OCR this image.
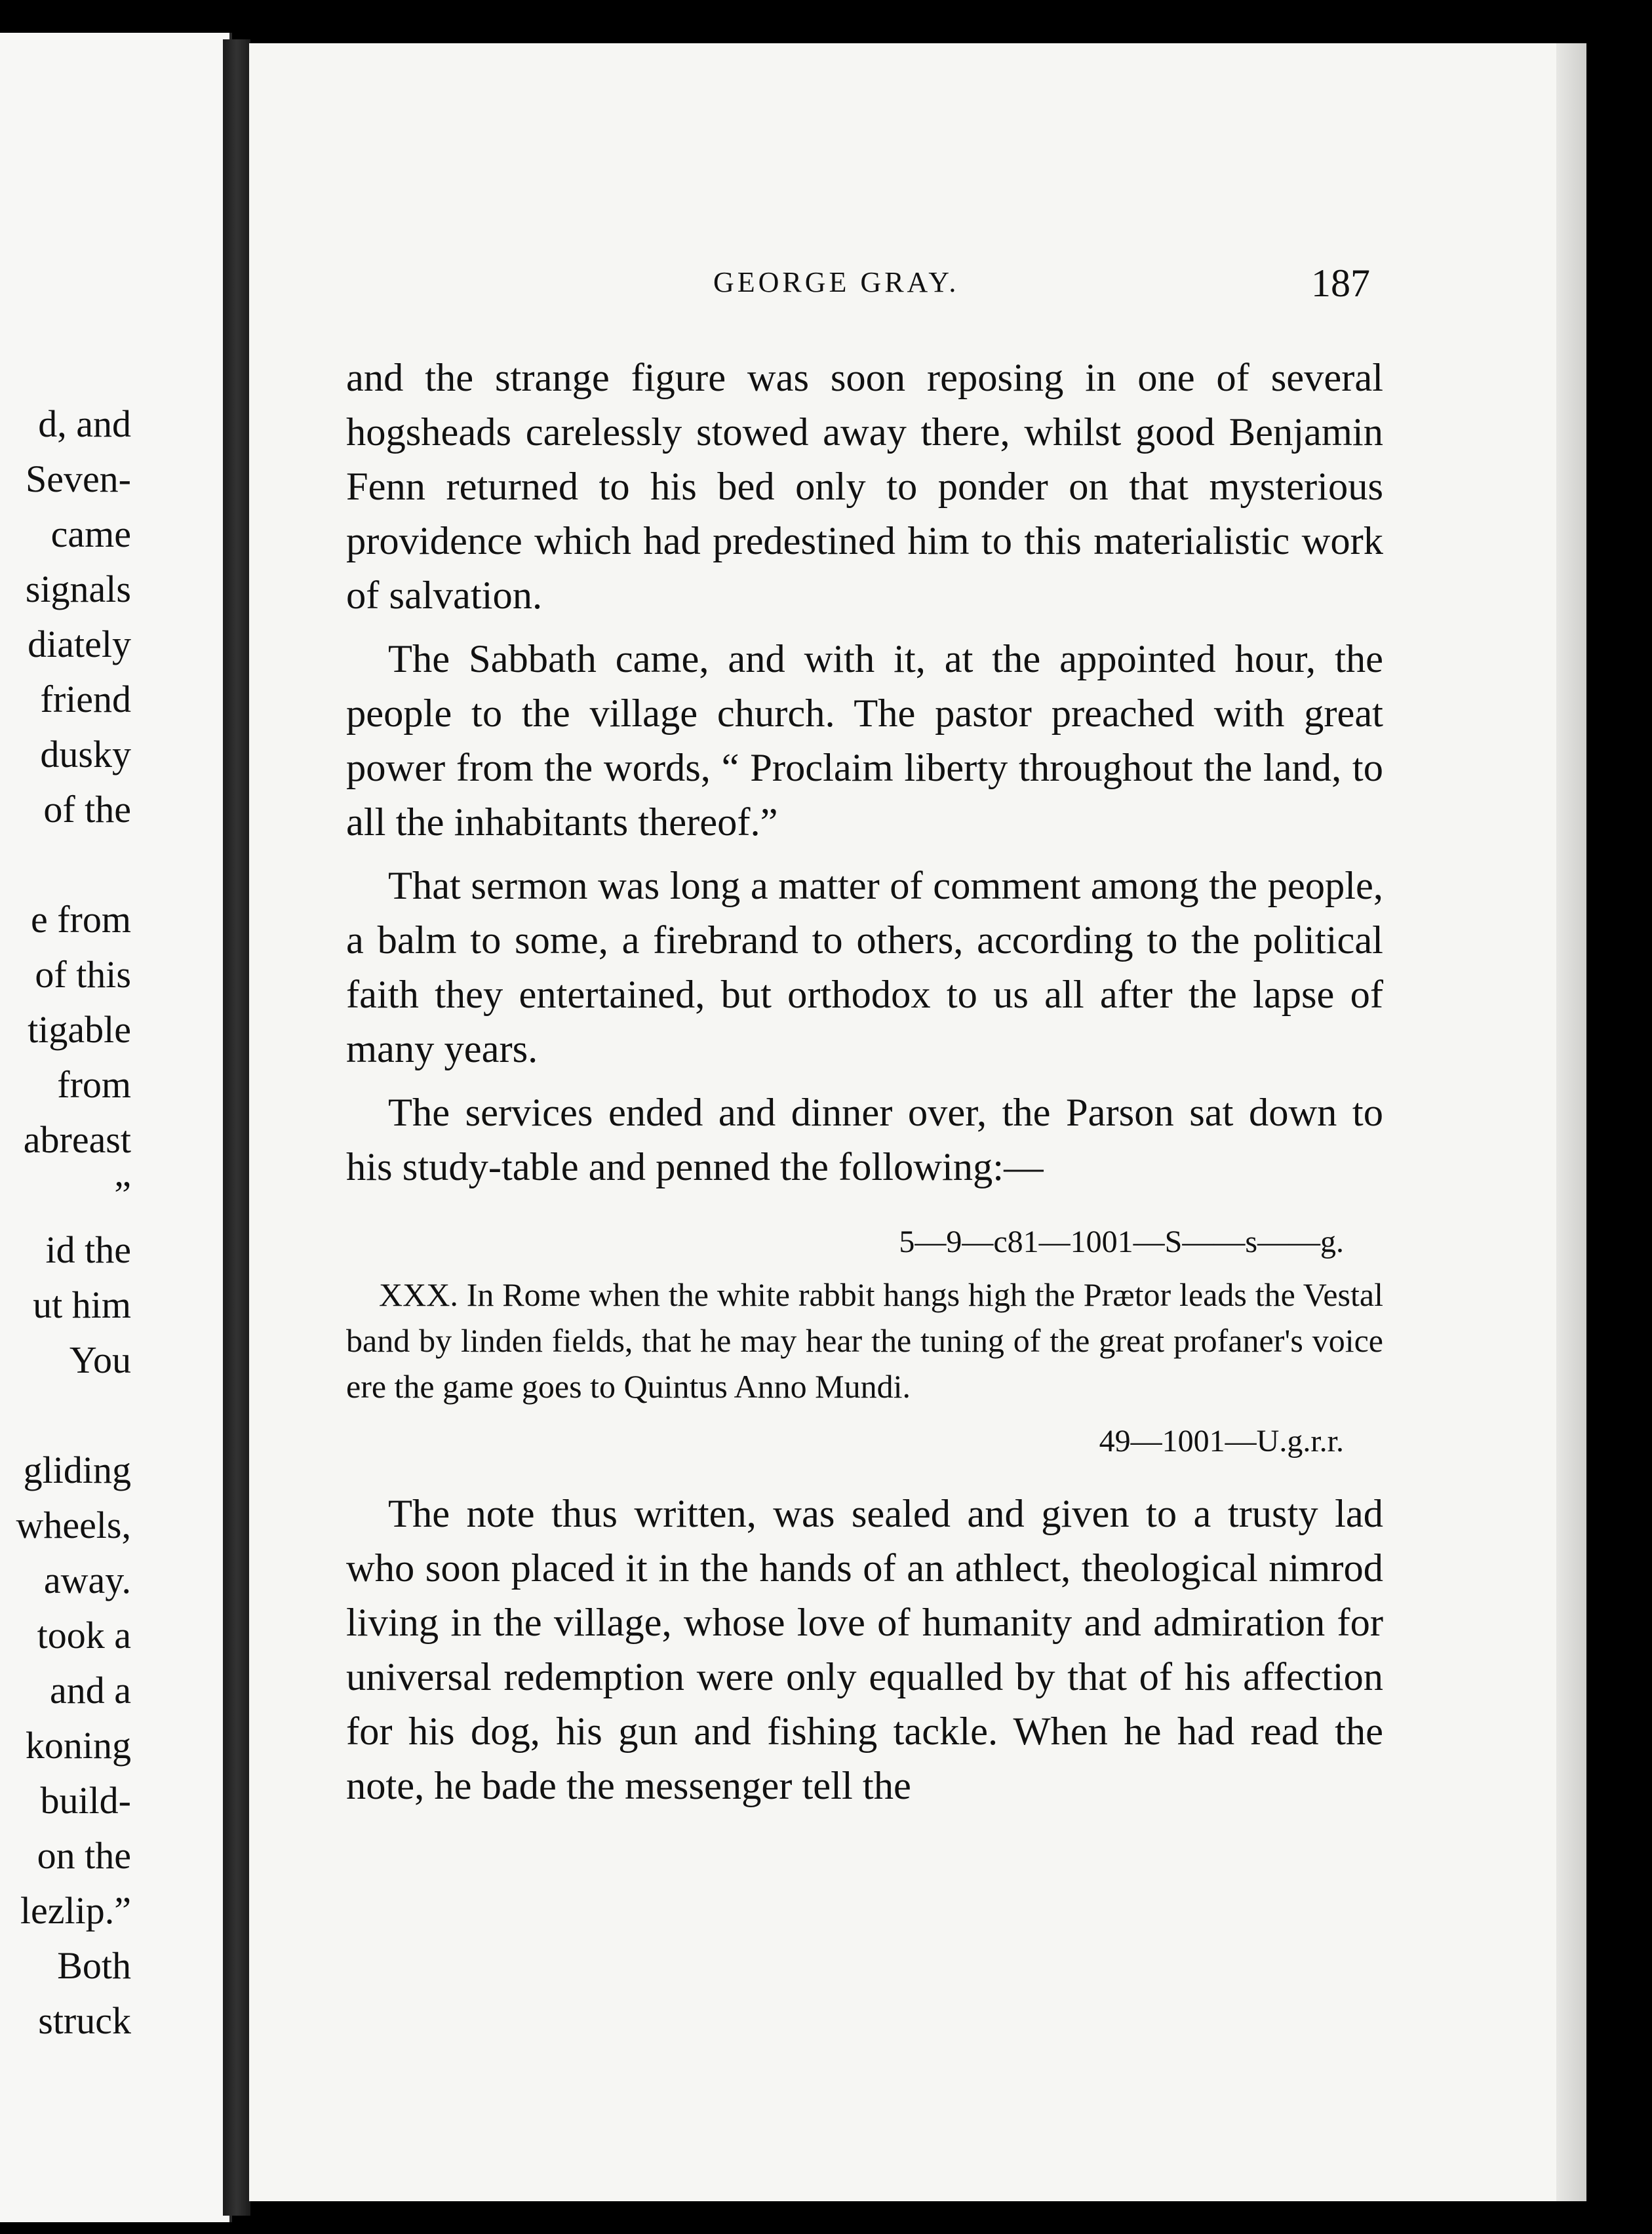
d, and
Seven-
came
signals
diately
friend
dusky
of the
e from
of this
tigable
from
abreast
”
id the
ut him
You
gliding
wheels,
away.
took a
and a
koning
build-
on the
lezlip.”
Both
struck
GEORGE GRAY.	187

and the strange figure was soon reposing in one of several hogsheads carelessly stowed away there, whilst good Benjamin Fenn returned to his bed only to ponder on that mysterious providence which had predestined him to this materialistic work of salvation.

The Sabbath came, and with it, at the appointed hour, the people to the village church. The pastor preached with great power from the words, “ Proclaim liberty throughout the land, to all the inhabitants thereof.”

That sermon was long a matter of comment among the people, a balm to some, a firebrand to others, according to the political faith they entertained, but orthodox to us all after the lapse of many years.

The services ended and dinner over, the Parson sat down to his study-table and penned the following:—

5—9—c81—1001—S——s——g.

XXX. In Rome when the white rabbit hangs high the Prætor leads the Vestal band by linden fields, that he may hear the tuning of the great profaner's voice ere the game goes to Quintus Anno Mundi.

49—1001—U.g.r.r.

The note thus written, was sealed and given to a trusty lad who soon placed it in the hands of an athlect, theological nimrod living in the village, whose love of humanity and admiration for universal redemption were only equalled by that of his affection for his dog, his gun and fishing tackle. When he had read the note, he bade the messenger tell the
